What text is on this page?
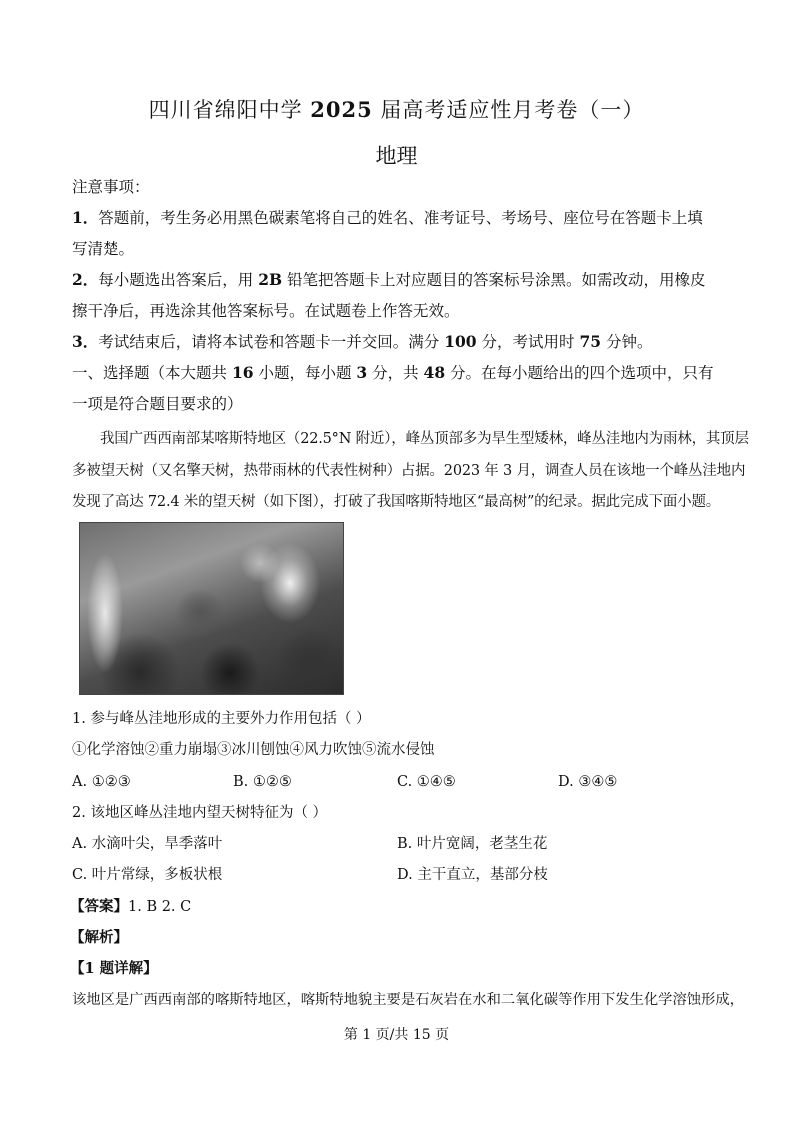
四川省绵阳中学 2025 届高考适应性月考卷（一）
地理
注意事项：
1．答题前，考生务必用黑色碳素笔将自己的姓名、准考证号、考场号、座位号在答题卡上填
写清楚。
2．每小题选出答案后，用 2B 铅笔把答题卡上对应题目的答案标号涂黑。如需改动，用橡皮
擦干净后，再选涂其他答案标号。在试题卷上作答无效。
3．考试结束后，请将本试卷和答题卡一并交回。满分 100 分，考试用时 75 分钟。
一、选择题（本大题共 16 小题，每小题 3 分，共 48 分。在每小题给出的四个选项中，只有
一项是符合题目要求的）
我国广西西南部某喀斯特地区（22.5°N 附近），峰丛顶部多为旱生型矮林，峰丛洼地内为雨林，其顶层
多被望天树（又名擎天树，热带雨林的代表性树种）占据。2023 年 3 月，调查人员在该地一个峰丛洼地内
发现了高达 72.4 米的望天树（如下图），打破了我国喀斯特地区“最高树”的纪录。据此完成下面小题。
1. 参与峰丛洼地形成的主要外力作用包括（ ）
①化学溶蚀②重力崩塌③冰川刨蚀④风力吹蚀⑤流水侵蚀
A. ①②③	B. ①②⑤	C. ①④⑤	D. ③④⑤
2. 该地区峰丛洼地内望天树特征为（ ）
A. 水滴叶尖，旱季落叶	B. 叶片宽阔，老茎生花
C. 叶片常绿，多板状根	D. 主干直立，基部分枝
【答案】1. B 2. C
【解析】
【1 题详解】
该地区是广西西南部的喀斯特地区，喀斯特地貌主要是石灰岩在水和二氧化碳等作用下发生化学溶蚀形成，
第 1 页/共 15 页
